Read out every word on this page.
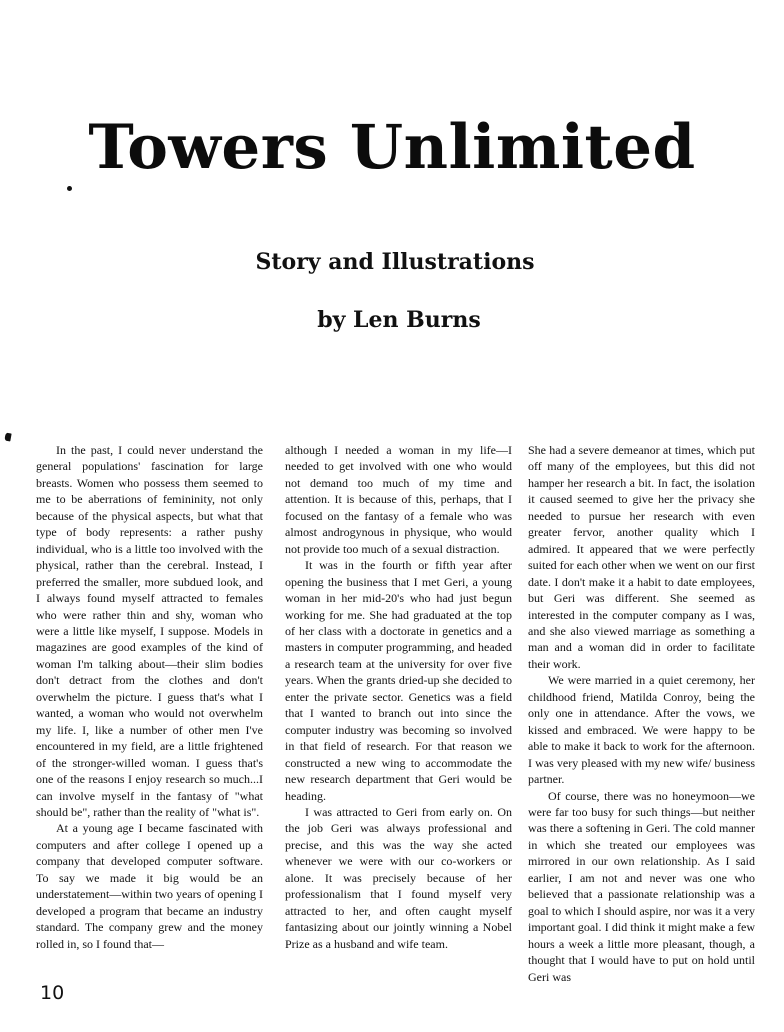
Towers Unlimited
Story and Illustrations
by Len Burns

In the past, I could never understand the general populations' fascination for large breasts. Women who possess them seemed to me to be aberrations of femininity, not only because of the physical aspects, but what that type of body represents: a rather pushy individual, who is a little too involved with the physical, rather than the cerebral. Instead, I preferred the smaller, more subdued look, and I always found myself attracted to females who were rather thin and shy, woman who were a little like myself, I suppose. Models in magazines are good examples of the kind of woman I'm talking about—their slim bodies don't detract from the clothes and don't overwhelm the picture. I guess that's what I wanted, a woman who would not overwhelm my life. I, like a number of other men I've encountered in my field, are a little frightened of the stronger-willed woman. I guess that's one of the reasons I enjoy research so much...I can involve myself in the fantasy of "what should be", rather than the reality of "what is".

At a young age I became fascinated with computers and after college I opened up a company that developed computer software. To say we made it big would be an understatement—within two years of opening I developed a program that became an industry standard. The company grew and the money rolled in, so I found that—

although I needed a woman in my life—I needed to get involved with one who would not demand too much of my time and attention. It is because of this, perhaps, that I focused on the fantasy of a female who was almost androgynous in physique, who would not provide too much of a sexual distraction.

It was in the fourth or fifth year after opening the business that I met Geri, a young woman in her mid-20's who had just begun working for me. She had graduated at the top of her class with a doctorate in genetics and a masters in computer programming, and headed a research team at the university for over five years. When the grants dried-up she decided to enter the private sector. Genetics was a field that I wanted to branch out into since the computer industry was becoming so involved in that field of research. For that reason we constructed a new wing to accommodate the new research department that Geri would be heading.

I was attracted to Geri from early on. On the job Geri was always professional and precise, and this was the way she acted whenever we were with our co-workers or alone. It was precisely because of her professionalism that I found myself very attracted to her, and often caught myself fantasizing about our jointly winning a Nobel Prize as a husband and wife team.

She had a severe demeanor at times, which put off many of the employees, but this did not hamper her research a bit. In fact, the isolation it caused seemed to give her the privacy she needed to pursue her research with even greater fervor, another quality which I admired. It appeared that we were perfectly suited for each other when we went on our first date. I don't make it a habit to date employees, but Geri was different. She seemed as interested in the computer company as I was, and she also viewed marriage as something a man and a woman did in order to facilitate their work.

We were married in a quiet ceremony, her childhood friend, Matilda Conroy, being the only one in attendance. After the vows, we kissed and embraced. We were happy to be able to make it back to work for the afternoon. I was very pleased with my new wife/ business partner.

Of course, there was no honeymoon—we were far too busy for such things—but neither was there a softening in Geri. The cold manner in which she treated our employees was mirrored in our own relationship. As I said earlier, I am not and never was one who believed that a passionate relationship was a goal to which I should aspire, nor was it a very important goal. I did think it might make a few hours a week a little more pleasant, though, a thought that I would have to put on hold until Geri was

10
